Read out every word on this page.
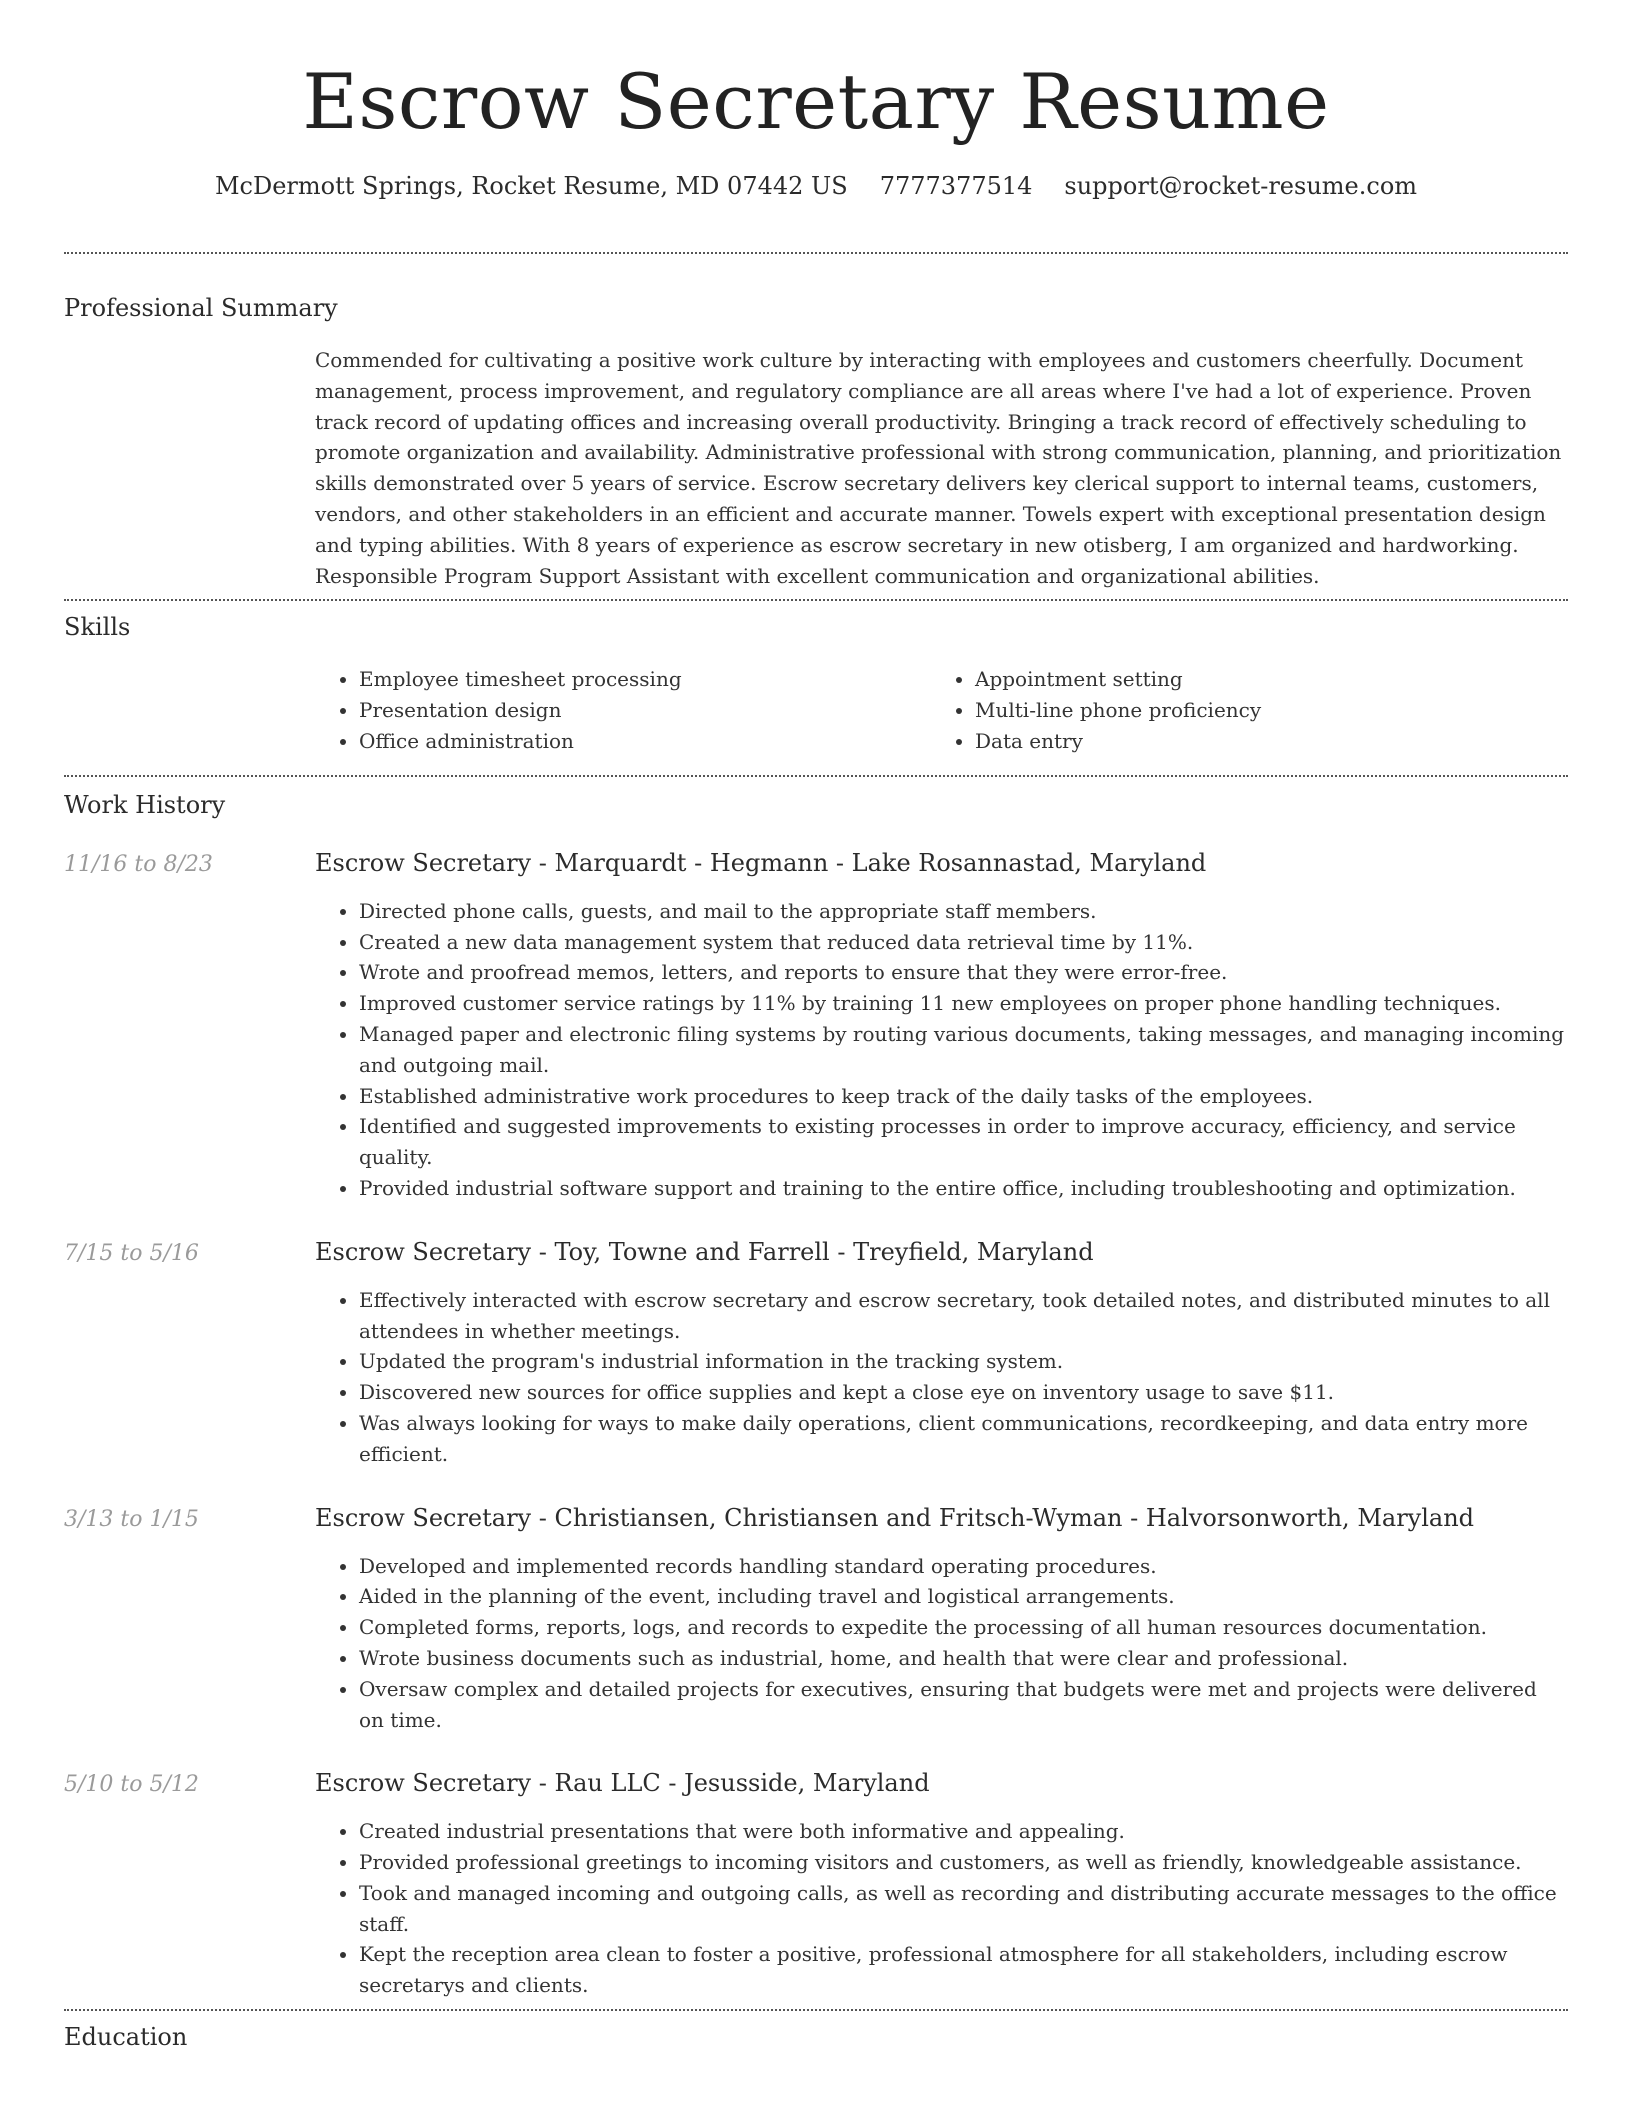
Escrow Secretary Resume
McDermott Springs, Rocket Resume, MD 07442 US 7777377514 support@rocket-resume.com
Professional Summary

Commended for cultivating a positive work culture by interacting with employees and customers cheerfully. Document management, process improvement, and regulatory compliance are all areas where I've had a lot of experience. Proven track record of updating offices and increasing overall productivity. Bringing a track record of effectively scheduling to promote organization and availability. Administrative professional with strong communication, planning, and prioritization skills demonstrated over 5 years of service. Escrow secretary delivers key clerical support to internal teams, customers, vendors, and other stakeholders in an efficient and accurate manner. Towels expert with exceptional presentation design and typing abilities. With 8 years of experience as escrow secretary in new otisberg, I am organized and hardworking. Responsible Program Support Assistant with excellent communication and organizational abilities.

Skills
• Employee timesheet processing
• Presentation design
• Office administration
• Appointment setting
• Multi-line phone proficiency
• Data entry
Work History
11/16 to 8/23	Escrow Secretary - Marquardt - Hegmann - Lake Rosannastad, Maryland
• Directed phone calls, guests, and mail to the appropriate staff members.
• Created a new data management system that reduced data retrieval time by 11%.
• Wrote and proofread memos, letters, and reports to ensure that they were error-free.
• Improved customer service ratings by 11% by training 11 new employees on proper phone handling techniques.
• Managed paper and electronic filing systems by routing various documents, taking messages, and managing incoming and outgoing mail.
• Established administrative work procedures to keep track of the daily tasks of the employees.
• Identified and suggested improvements to existing processes in order to improve accuracy, efficiency, and service quality.
• Provided industrial software support and training to the entire office, including troubleshooting and optimization.
7/15 to 5/16	Escrow Secretary - Toy, Towne and Farrell - Treyfield, Maryland
• Effectively interacted with escrow secretary and escrow secretary, took detailed notes, and distributed minutes to all attendees in whether meetings.
• Updated the program's industrial information in the tracking system.
• Discovered new sources for office supplies and kept a close eye on inventory usage to save $11.
• Was always looking for ways to make daily operations, client communications, recordkeeping, and data entry more efficient.
3/13 to 1/15	Escrow Secretary - Christiansen, Christiansen and Fritsch-Wyman - Halvorsonworth, Maryland
• Developed and implemented records handling standard operating procedures.
• Aided in the planning of the event, including travel and logistical arrangements.
• Completed forms, reports, logs, and records to expedite the processing of all human resources documentation.
• Wrote business documents such as industrial, home, and health that were clear and professional.
• Oversaw complex and detailed projects for executives, ensuring that budgets were met and projects were delivered on time.
5/10 to 5/12	Escrow Secretary - Rau LLC - Jesusside, Maryland
• Created industrial presentations that were both informative and appealing.
• Provided professional greetings to incoming visitors and customers, as well as friendly, knowledgeable assistance.
• Took and managed incoming and outgoing calls, as well as recording and distributing accurate messages to the office staff.
• Kept the reception area clean to foster a positive, professional atmosphere for all stakeholders, including escrow secretarys and clients.
Education
